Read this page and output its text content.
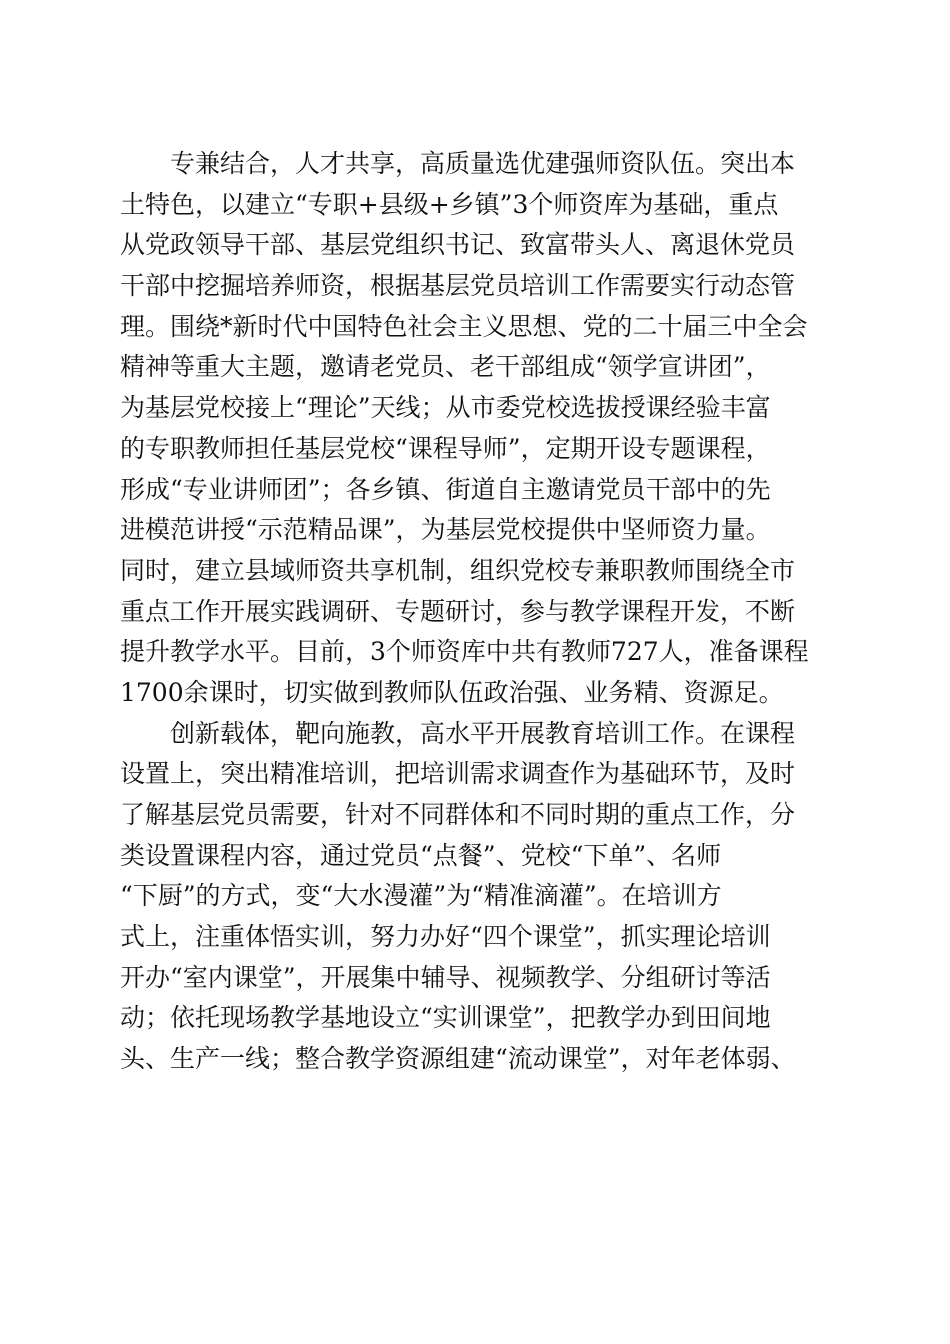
专兼结合，人才共享，高质量选优建强师资队伍。突出本
土特色，以建立“专职+县级+乡镇”3个师资库为基础，重点
从党政领导干部、基层党组织书记、致富带头人、离退休党员
干部中挖掘培养师资，根据基层党员培训工作需要实行动态管
理。围绕*新时代中国特色社会主义思想、党的二十届三中全会
精神等重大主题，邀请老党员、老干部组成“领学宣讲团”，
为基层党校接上“理论”天线；从市委党校选拔授课经验丰富
的专职教师担任基层党校“课程导师”，定期开设专题课程，
形成“专业讲师团”；各乡镇、街道自主邀请党员干部中的先
进模范讲授“示范精品课”，为基层党校提供中坚师资力量。
同时，建立县域师资共享机制，组织党校专兼职教师围绕全市
重点工作开展实践调研、专题研讨，参与教学课程开发，不断
提升教学水平。目前，3个师资库中共有教师727人，准备课程
1700余课时，切实做到教师队伍政治强、业务精、资源足。
创新载体，靶向施教，高水平开展教育培训工作。在课程
设置上，突出精准培训，把培训需求调查作为基础环节，及时
了解基层党员需要，针对不同群体和不同时期的重点工作，分
类设置课程内容，通过党员“点餐”、党校“下单”、名师
“下厨”的方式，变“大水漫灌”为“精准滴灌”。在培训方
式上，注重体悟实训，努力办好“四个课堂”，抓实理论培训
开办“室内课堂”，开展集中辅导、视频教学、分组研讨等活
动；依托现场教学基地设立“实训课堂”，把教学办到田间地
头、生产一线；整合教学资源组建“流动课堂”，对年老体弱、
